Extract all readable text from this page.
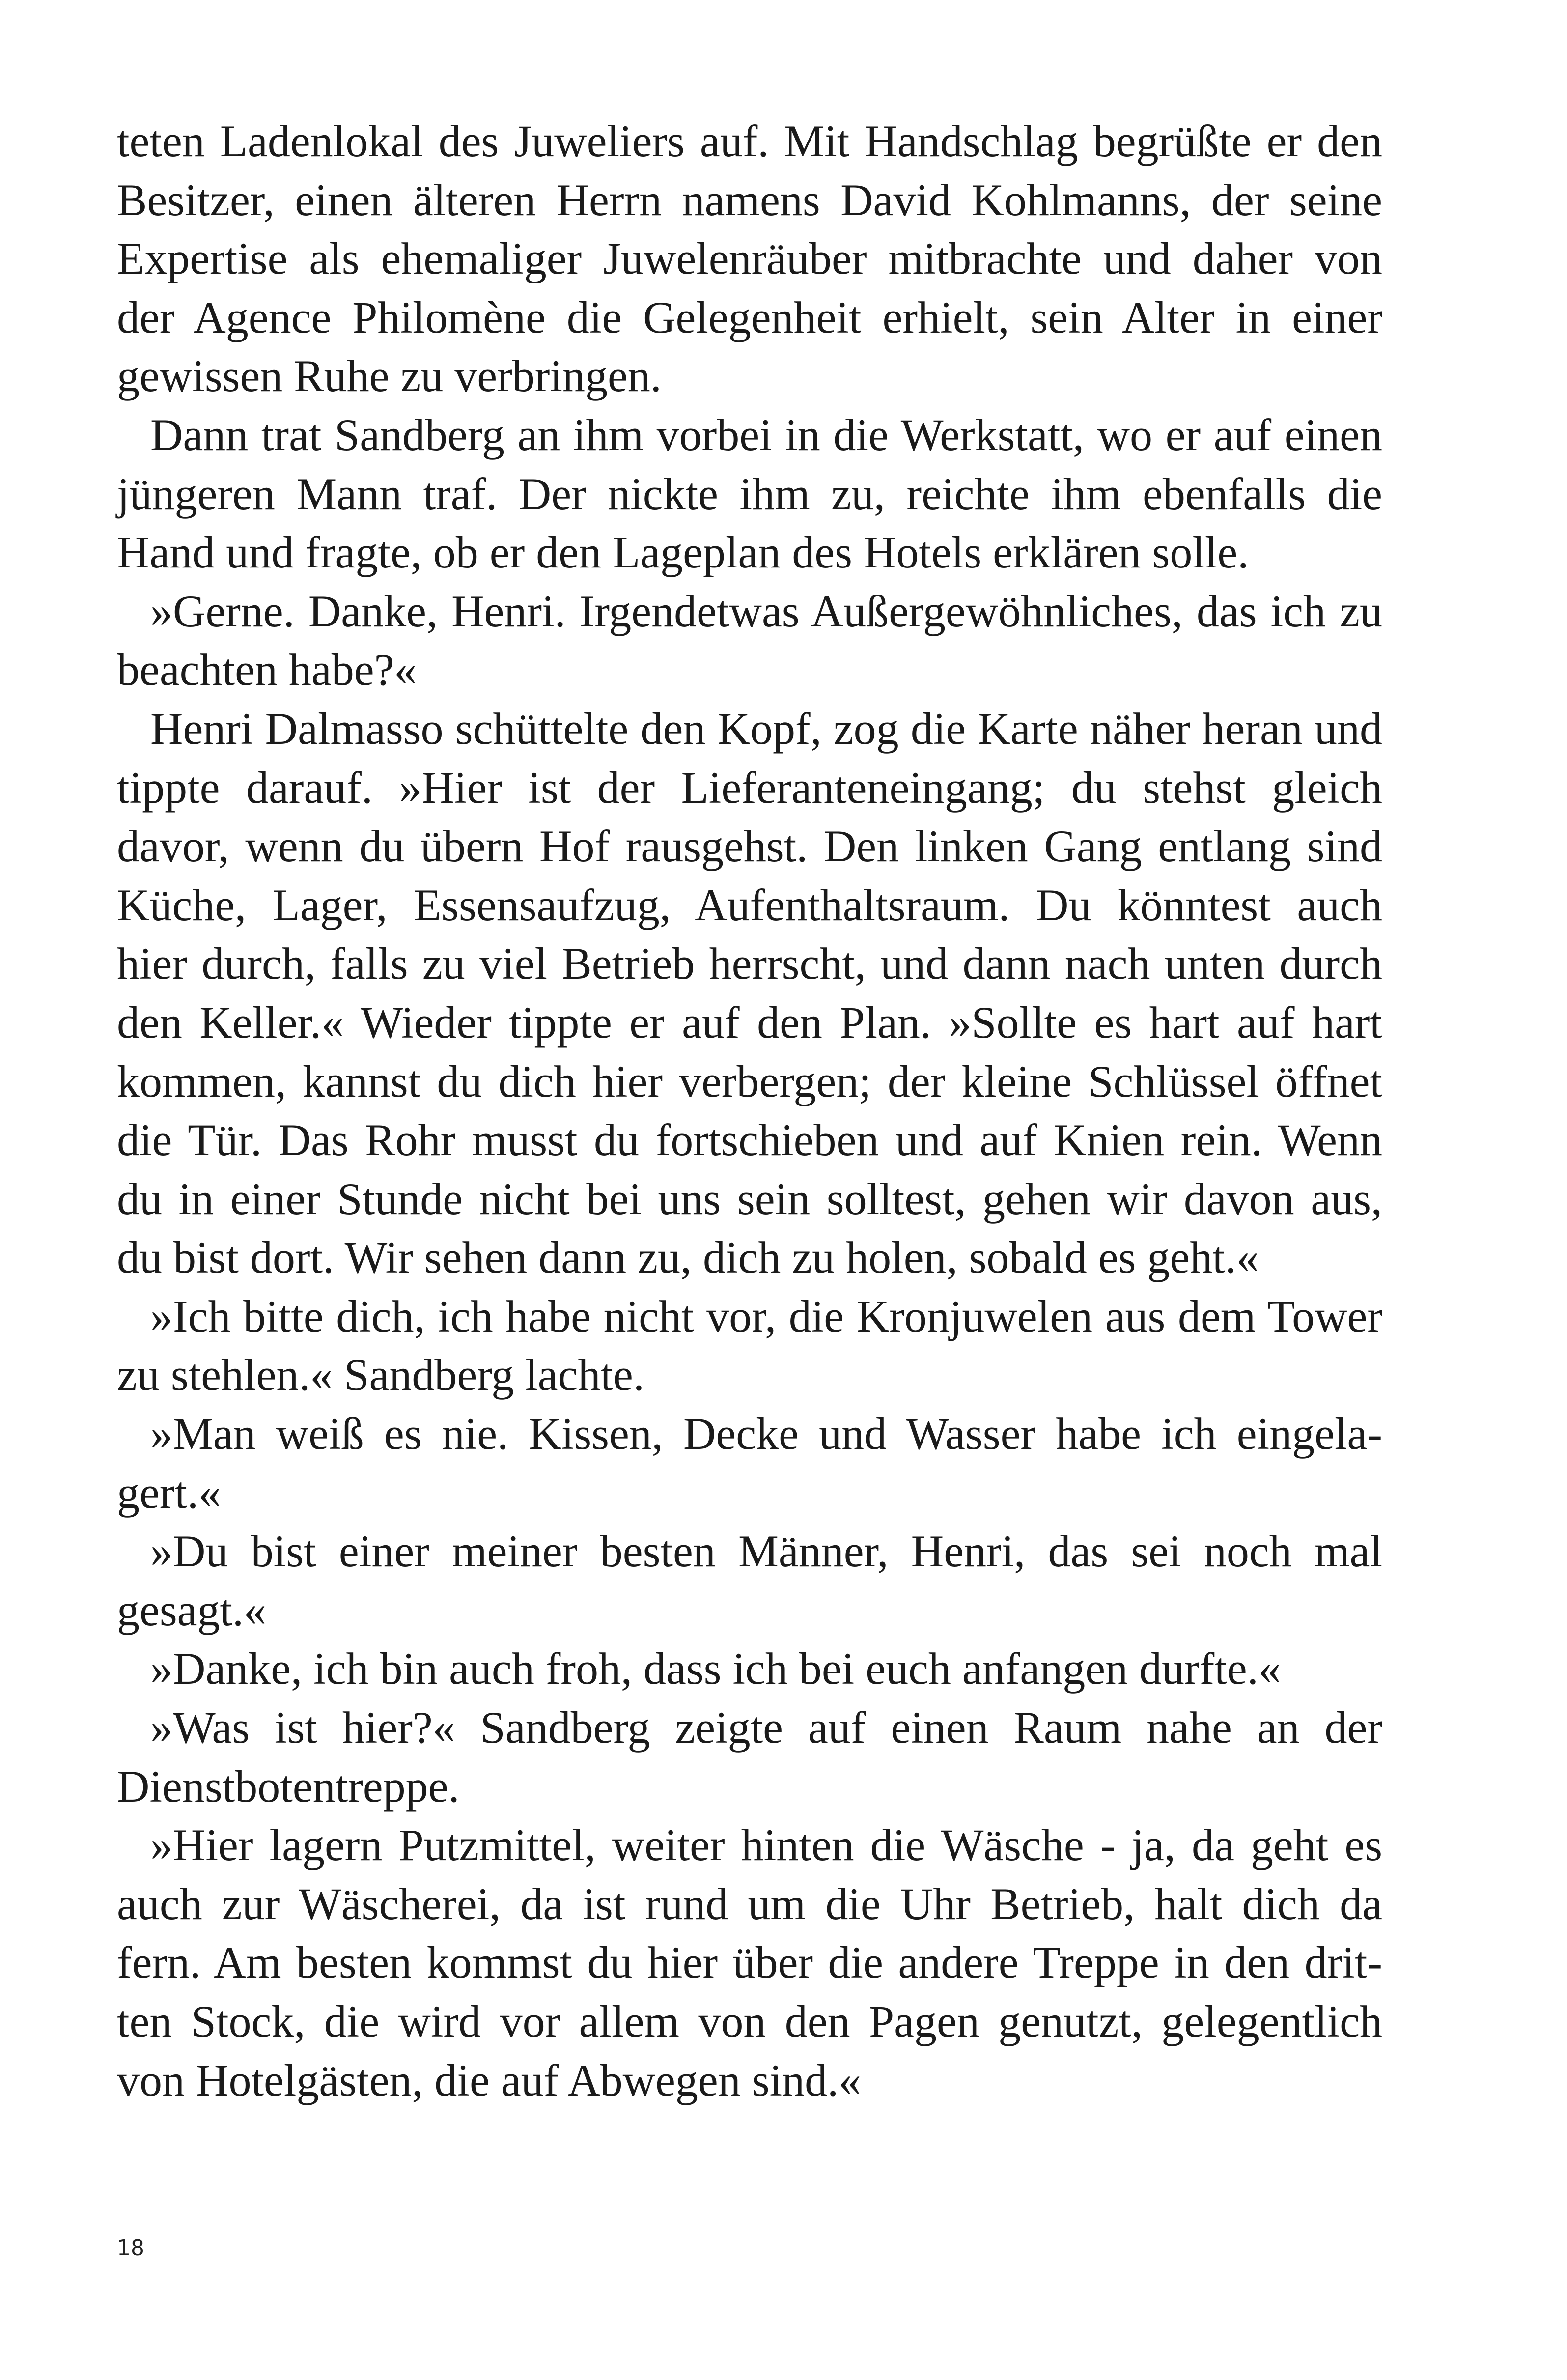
teten Ladenlokal des Juweliers auf. Mit Handschlag begrüßte er den
Besitzer, einen älteren Herrn namens David Kohlmanns, der seine
Expertise als ehemaliger Juwelenräuber mitbrachte und daher von
der Agence Philomène die Gelegenheit erhielt, sein Alter in einer
gewissen Ruhe zu verbringen.
Dann trat Sandberg an ihm vorbei in die Werkstatt, wo er auf einen
jüngeren Mann traf. Der nickte ihm zu, reichte ihm ebenfalls die
Hand und fragte, ob er den Lageplan des Hotels erklären solle.
»Gerne. Danke, Henri. Irgendetwas Außergewöhnliches, das ich zu
beachten habe?«
Henri Dalmasso schüttelte den Kopf, zog die Karte näher heran und
tippte darauf. »Hier ist der Lieferanteneingang; du stehst gleich
davor, wenn du übern Hof rausgehst. Den linken Gang entlang sind
Küche, Lager, Essensaufzug, Aufenthaltsraum. Du könntest auch
hier durch, falls zu viel Betrieb herrscht, und dann nach unten durch
den Keller.« Wieder tippte er auf den Plan. »Sollte es hart auf hart
kommen, kannst du dich hier verbergen; der kleine Schlüssel öffnet
die Tür. Das Rohr musst du fortschieben und auf Knien rein. Wenn
du in einer Stunde nicht bei uns sein solltest, gehen wir davon aus,
du bist dort. Wir sehen dann zu, dich zu holen, sobald es geht.«
»Ich bitte dich, ich habe nicht vor, die Kronjuwelen aus dem Tower
zu stehlen.« Sandberg lachte.
»Man weiß es nie. Kissen, Decke und Wasser habe ich eingela-
gert.«
»Du bist einer meiner besten Männer, Henri, das sei noch mal
gesagt.«
»Danke, ich bin auch froh, dass ich bei euch anfangen durfte.«
»Was ist hier?« Sandberg zeigte auf einen Raum nahe an der
Dienstbotentreppe.
»Hier lagern Putzmittel, weiter hinten die Wäsche - ja, da geht es
auch zur Wäscherei, da ist rund um die Uhr Betrieb, halt dich da
fern. Am besten kommst du hier über die andere Treppe in den drit-
ten Stock, die wird vor allem von den Pagen genutzt, gelegentlich
von Hotelgästen, die auf Abwegen sind.«
18
